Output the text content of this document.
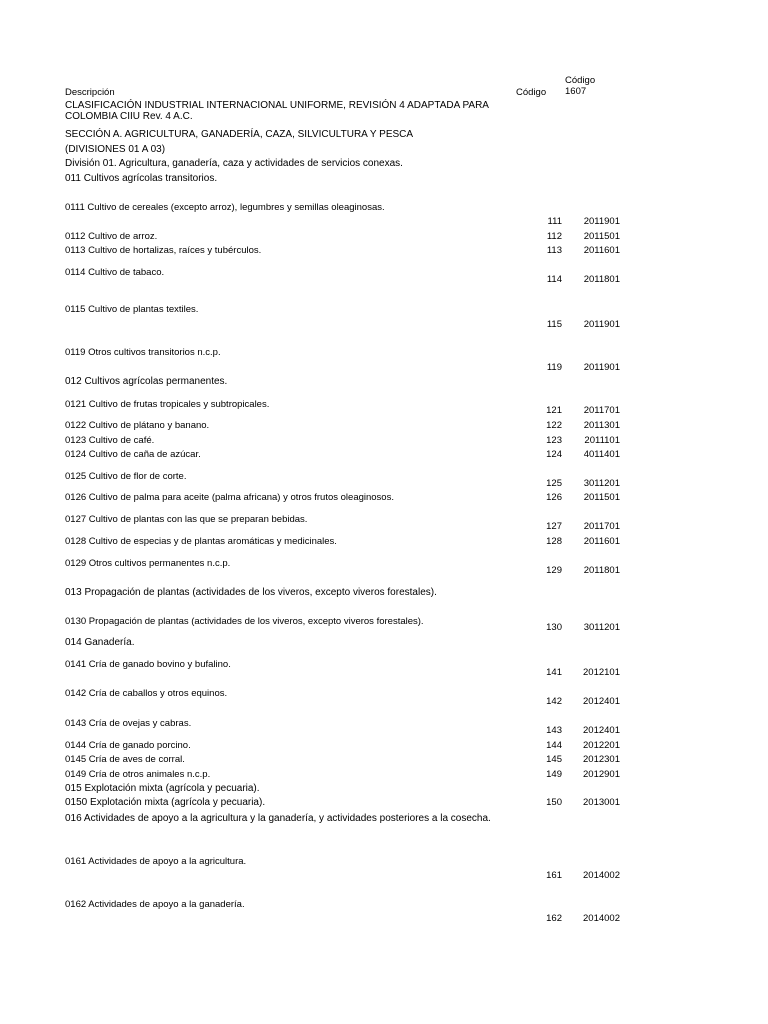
Descripción	Código
Código
1607
CLASIFICACIÓN INDUSTRIAL INTERNACIONAL UNIFORME, REVISIÓN 4 ADAPTADA PARA COLOMBIA CIIU Rev. 4 A.C.
SECCIÓN A. AGRICULTURA, GANADERÍA, CAZA, SILVICULTURA Y PESCA
(DIVISIONES 01 A 03)
División 01. Agricultura, ganadería, caza y actividades de servicios conexas.
011 Cultivos agrícolas transitorios.
0111 Cultivo de cereales (excepto arroz), legumbres y semillas oleaginosas.
111	2011901
0112 Cultivo de arroz.	112	2011501
0113 Cultivo de hortalizas, raíces y tubérculos.	113	2011601
0114 Cultivo de tabaco.
114	2011801
0115 Cultivo de plantas textiles.
115	2011901
0119 Otros cultivos transitorios n.c.p.
119	2011901
012 Cultivos agrícolas permanentes.
0121 Cultivo de frutas tropicales y subtropicales.
121	2011701
0122 Cultivo de plátano y banano.	122	2011301
0123 Cultivo de café.	123	2011101
0124 Cultivo de caña de azúcar.	124	4011401
0125 Cultivo de flor de corte.
125	3011201
0126 Cultivo de palma para aceite (palma africana) y otros frutos oleaginosos.	126	2011501
0127 Cultivo de plantas con las que se preparan bebidas.
127	2011701
0128 Cultivo de especias y de plantas aromáticas y medicinales.	128	2011601
0129 Otros cultivos permanentes n.c.p.
129	2011801
013 Propagación de plantas (actividades de los viveros, excepto viveros forestales).
0130 Propagación de plantas (actividades de los viveros, excepto viveros forestales).
130	3011201
014 Ganadería.
0141 Cría de ganado bovino y bufalino.
141	2012101
0142 Cría de caballos y otros equinos.
142	2012401
0143 Cría de ovejas y cabras.
143	2012401
0144 Cría de ganado porcino.	144	2012201
0145 Cría de aves de corral.	145	2012301
0149 Cría de otros animales n.c.p.	149	2012901
015 Explotación mixta (agrícola y pecuaria).
0150 Explotación mixta (agrícola y pecuaria).	150	2013001
016 Actividades de apoyo a la agricultura y la ganadería, y actividades posteriores a la cosecha.
0161 Actividades de apoyo a la agricultura.
161	2014002
0162 Actividades de apoyo a la ganadería.
162	2014002
